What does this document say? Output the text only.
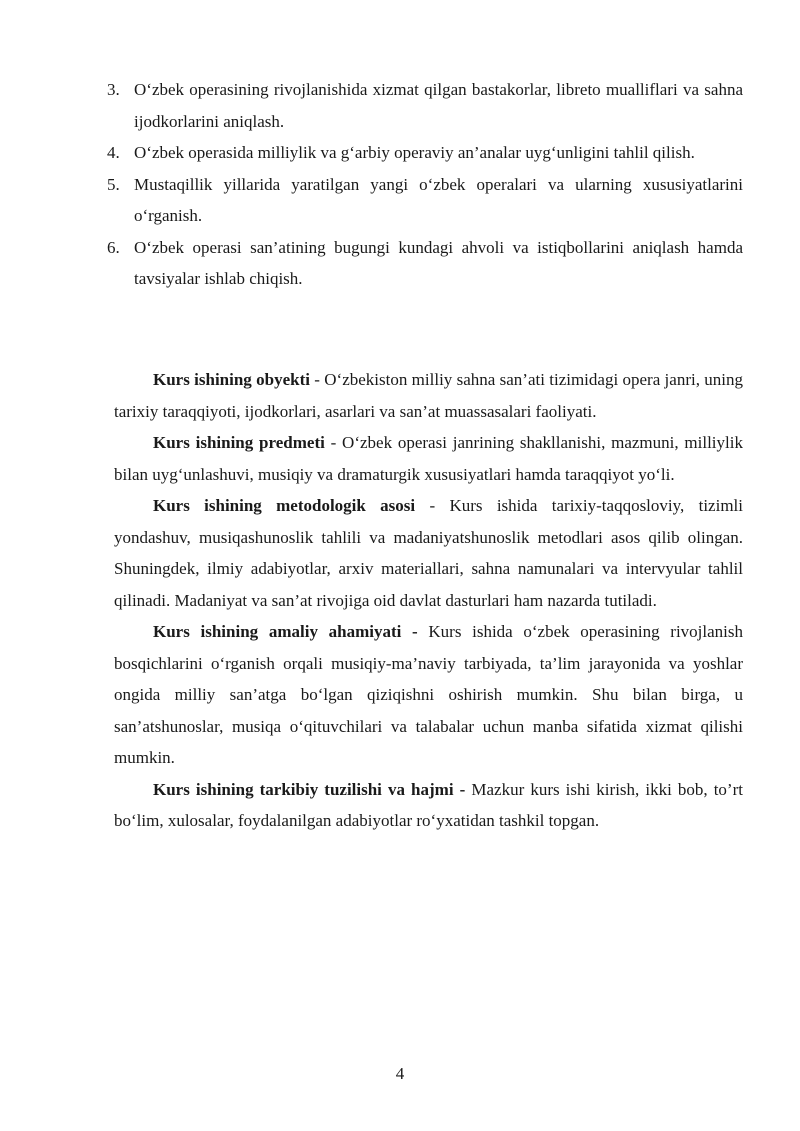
3. O‘zbek operasining rivojlanishida xizmat qilgan bastakorlar, libreto mualliflari va sahna ijodkorlarini aniqlash.
4. O‘zbek operasida milliylik va g‘arbiy operaviy an’analar uyg‘unligini tahlil qilish.
5. Mustaqillik yillarida yaratilgan yangi o‘zbek operalari va ularning xususiyatlarini o‘rganish.
6. O‘zbek operasi san’atining bugungi kundagi ahvoli va istiqbollarini aniqlash hamda tavsiyalar ishlab chiqish.

Kurs ishining obyekti - O‘zbekiston milliy sahna san’ati tizimidagi opera janri, uning tarixiy taraqqiyoti, ijodkorlari, asarlari va san’at muassasalari faoliyati.

Kurs ishining predmeti - O‘zbek operasi janrining shakllanishi, mazmuni, milliylik bilan uyg‘unlashuvi, musiqiy va dramaturgik xususiyatlari hamda taraqqiyot yo‘li.

Kurs ishining metodologik asosi - Kurs ishida tarixiy-taqqosloviy, tizimli yondashuv, musiqashunoslik tahlili va madaniyatshunoslik metodlari asos qilib olingan. Shuningdek, ilmiy adabiyotlar, arxiv materiallari, sahna namunalari va intervyular tahlil qilinadi. Madaniyat va san’at rivojiga oid davlat dasturlari ham nazarda tutiladi.

Kurs ishining amaliy ahamiyati - Kurs ishida o‘zbek operasining rivojlanish bosqichlarini o‘rganish orqali musiqiy-ma’naviy tarbiyada, ta’lim jarayonida va yoshlar ongida milliy san’atga bo‘lgan qiziqishni oshirish mumkin. Shu bilan birga, u san’atshunoslar, musiqa o‘qituvchilari va talabalar uchun manba sifatida xizmat qilishi mumkin.

Kurs ishining tarkibiy tuzilishi va hajmi - Mazkur kurs ishi kirish, ikki bob, to’rt bo‘lim, xulosalar, foydalanilgan adabiyotlar ro‘yxatidan tashkil topgan.

4
